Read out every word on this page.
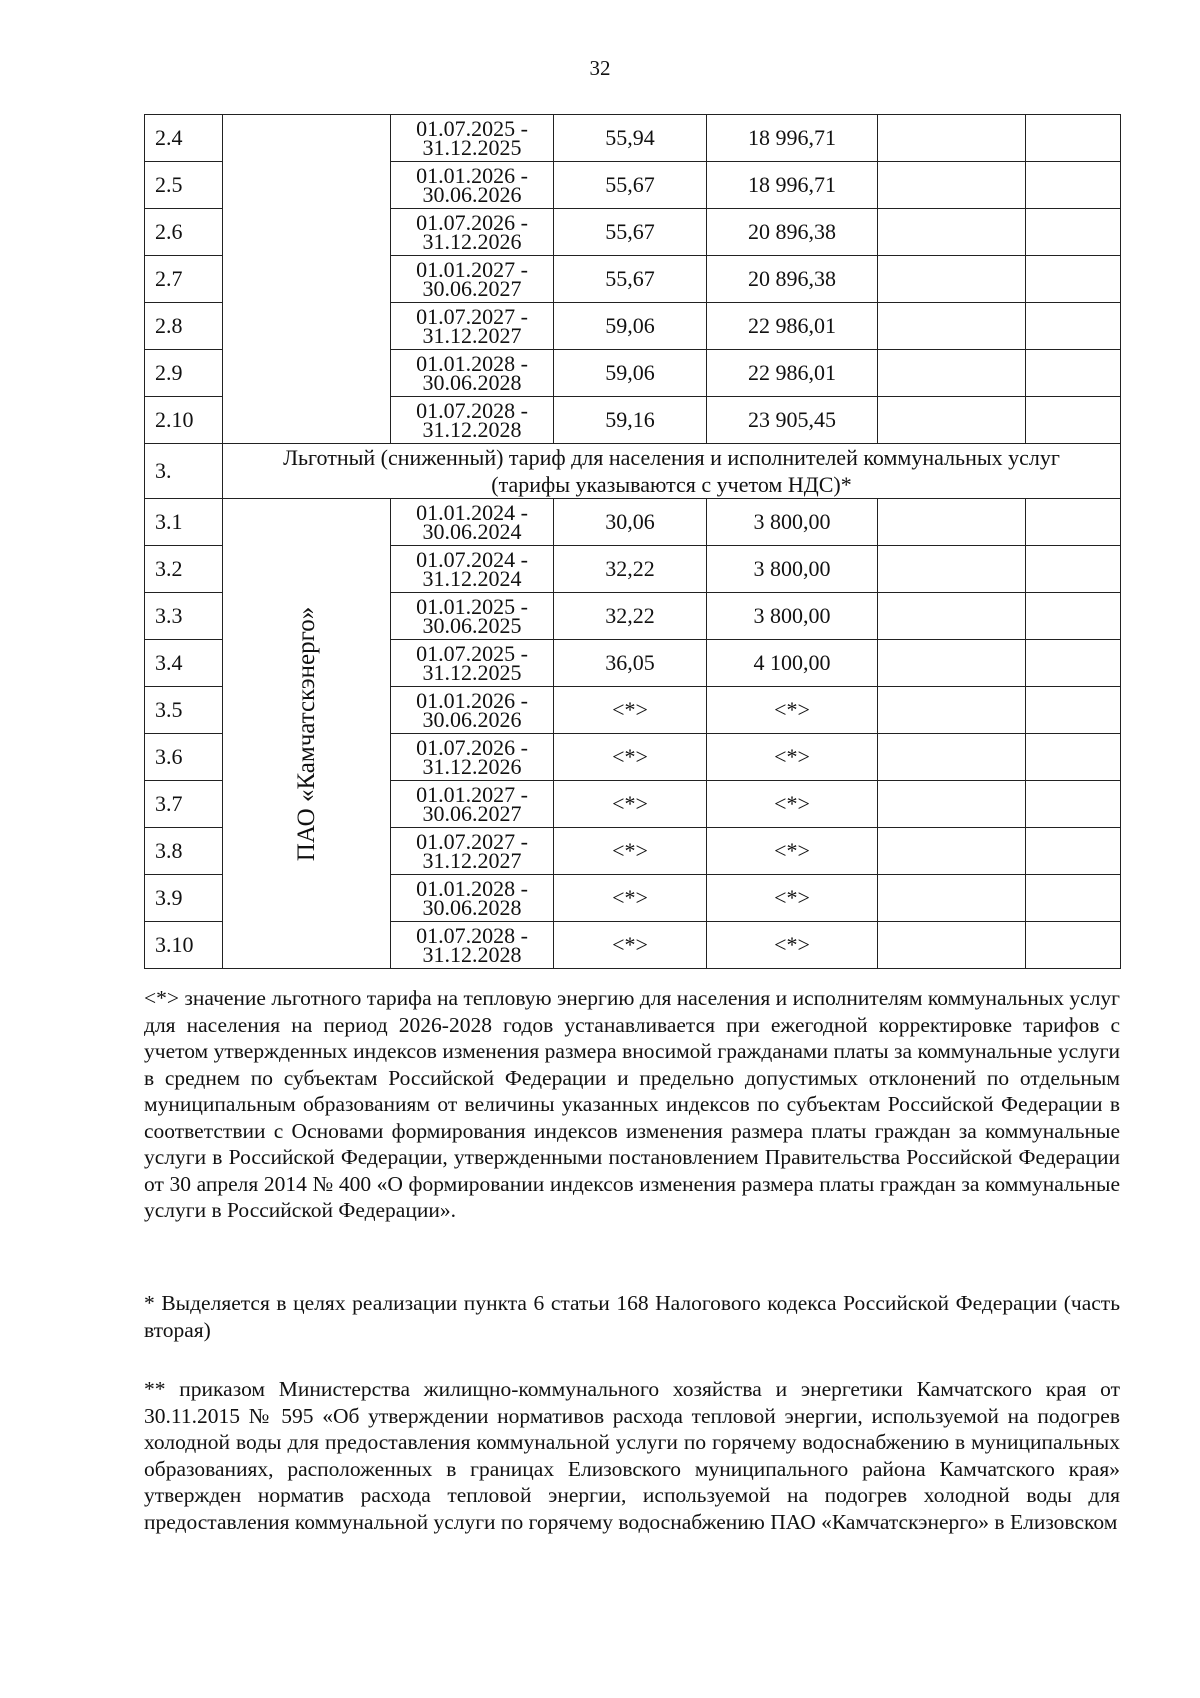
32
2.4		01.07.2025 -
31.12.2025	55,94	18 996,71		
2.5		01.01.2026 -
30.06.2026	55,67	18 996,71		
2.6		01.07.2026 -
31.12.2026	55,67	20 896,38		
2.7		01.01.2027 -
30.06.2027	55,67	20 896,38		
2.8		01.07.2027 -
31.12.2027	59,06	22 986,01		
2.9		01.01.2028 -
30.06.2028	59,06	22 986,01		
2.10		01.07.2028 -
31.12.2028	59,16	23 905,45		
3.	Льготный (сниженный) тариф для населения и исполнителей коммунальных услуг
(тарифы указываются с учетом НДС)*					

3.1	ПАО «Камчатскэнерго»	01.01.2024 -
30.06.2024	30,06	3 800,00		
3.2		01.07.2024 -
31.12.2024	32,22	3 800,00		
3.3		01.01.2025 -
30.06.2025	32,22	3 800,00		
3.4		01.07.2025 -
31.12.2025	36,05	4 100,00		
3.5		01.01.2026 -
30.06.2026	<*>	<*>		
3.6		01.07.2026 -
31.12.2026	<*>	<*>		
3.7		01.01.2027 -
30.06.2027	<*>	<*>		
3.8		01.07.2027 -
31.12.2027	<*>	<*>		
3.9		01.01.2028 -
30.06.2028	<*>	<*>		
3.10		01.07.2028 -
31.12.2028	<*>	<*>		

<*> значение льготного тарифа на тепловую энергию для населения и исполнителям коммунальных услуг для населения на период 2026-2028 годов устанавливается при ежегодной корректировке тарифов с учетом утвержденных индексов изменения размера вносимой гражданами платы за коммунальные услуги в среднем по субъектам Российской Федерации и предельно допустимых отклонений по отдельным муниципальным образованиям от величины указанных индексов по субъектам Российской Федерации в соответствии с Основами формирования индексов изменения размера платы граждан за коммунальные услуги в Российской Федерации, утвержденными постановлением Правительства Российской Федерации от 30 апреля 2014 № 400 «О формировании индексов изменения размера платы граждан за коммунальные услуги в Российской Федерации».

* Выделяется в целях реализации пункта 6 статьи 168 Налогового кодекса Российской Федерации (часть вторая)

** приказом Министерства жилищно-коммунального хозяйства и энергетики Камчатского края от 30.11.2015 № 595 «Об утверждении нормативов расхода тепловой энергии, используемой на подогрев холодной воды для предоставления коммунальной услуги по горячему водоснабжению в муниципальных образованиях, расположенных в границах Елизовского муниципального района Камчатского края» утвержден норматив расхода тепловой энергии, используемой на подогрев холодной воды для предоставления коммунальной услуги по горячему водоснабжению ПАО «Камчатскэнерго» в Елизовском
